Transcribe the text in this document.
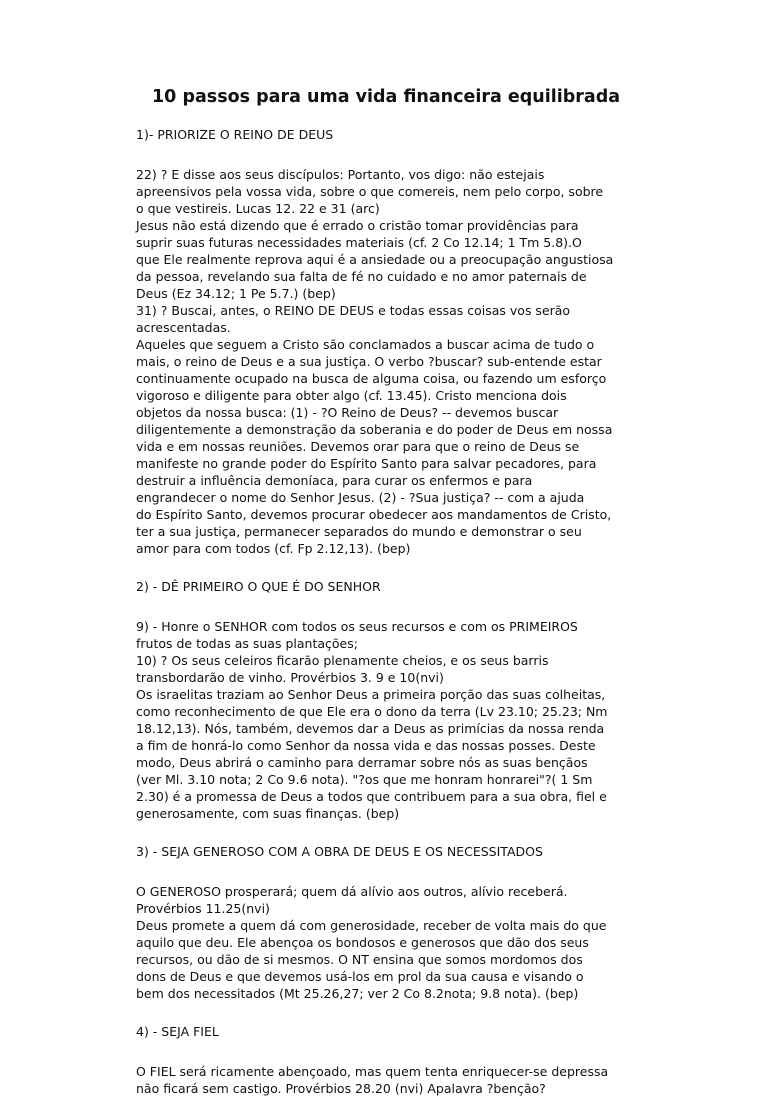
10 passos para uma vida financeira equilibrada
1)- PRIORIZE O REINO DE DEUS
22) ? E disse aos seus discípulos: Portanto, vos digo: não estejais
apreensivos pela vossa vida, sobre o que comereis, nem pelo corpo, sobre
o que vestireis. Lucas 12. 22 e 31 (arc)
Jesus não está dizendo que é errado o cristão tomar providências para
suprir suas futuras necessidades materiais (cf. 2 Co 12.14; 1 Tm 5.8).O
que Ele realmente reprova aqui é a ansiedade ou a preocupação angustiosa
da pessoa, revelando sua falta de fé no cuidado e no amor paternais de
Deus (Ez 34.12; 1 Pe 5.7.) (bep)
31) ? Buscai, antes, o REINO DE DEUS e todas essas coisas vos serão
acrescentadas.
Aqueles que seguem a Cristo são conclamados a buscar acima de tudo o
mais, o reino de Deus e a sua justiça. O verbo ?buscar? sub-entende estar
continuamente ocupado na busca de alguma coisa, ou fazendo um esforço
vigoroso e diligente para obter algo (cf. 13.45). Cristo menciona dois
objetos da nossa busca: (1) - ?O Reino de Deus? -- devemos buscar
diligentemente a demonstração da soberania e do poder de Deus em nossa
vida e em nossas reuniões. Devemos orar para que o reino de Deus se
manifeste no grande poder do Espírito Santo para salvar pecadores, para
destruir a influência demoníaca, para curar os enfermos e para
engrandecer o nome do Senhor Jesus. (2) - ?Sua justiça? -- com a ajuda
do Espírito Santo, devemos procurar obedecer aos mandamentos de Cristo,
ter a sua justiça, permanecer separados do mundo e demonstrar o seu
amor para com todos (cf. Fp 2.12,13). (bep)
2) - DÊ PRIMEIRO O QUE É DO SENHOR
9) - Honre o SENHOR com todos os seus recursos e com os PRIMEIROS
frutos de todas as suas plantações;
10) ? Os seus celeiros ficarão plenamente cheios, e os seus barris
transbordarão de vinho. Provérbios 3. 9 e 10(nvi)
Os israelitas traziam ao Senhor Deus a primeira porção das suas colheitas,
como reconhecimento de que Ele era o dono da terra (Lv 23.10; 25.23; Nm
18.12,13). Nós, também, devemos dar a Deus as primícias da nossa renda
a fim de honrá-lo como Senhor da nossa vida e das nossas posses. Deste
modo, Deus abrirá o caminho para derramar sobre nós as suas bençãos
(ver Ml. 3.10 nota; 2 Co 9.6 nota). "?os que me honram honrarei"?( 1 Sm
2.30) é a promessa de Deus a todos que contribuem para a sua obra, fiel e
generosamente, com suas finanças. (bep)
3) - SEJA GENEROSO COM A OBRA DE DEUS E OS NECESSITADOS
O GENEROSO prosperará; quem dá alívio aos outros, alívio receberá.
Provérbios 11.25(nvi)
Deus promete a quem dá com generosidade, receber de volta mais do que
aquilo que deu. Ele abençoa os bondosos e generosos que dão dos seus
recursos, ou dão de si mesmos. O NT ensina que somos mordomos dos
dons de Deus e que devemos usá-los em prol da sua causa e visando o
bem dos necessitados (Mt 25.26,27; ver 2 Co 8.2nota; 9.8 nota). (bep)
4) - SEJA FIEL
O FIEL será ricamente abençoado, mas quem tenta enriquecer-se depressa
não ficará sem castigo. Provérbios 28.20 (nvi) Apalavra ?benção?
